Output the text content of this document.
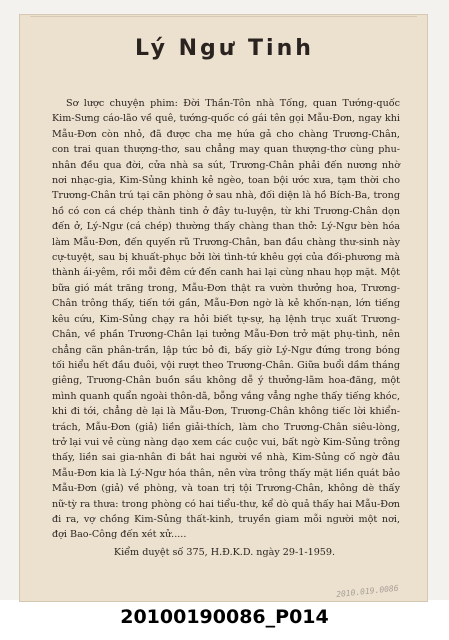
Lý Ngư Tinh
Sơ lược chuyện phim: Đời Thần-Tôn nhà Tống, quan Tướng-quốc Kim-Sưng cáo-lão về quê, tướng-quốc có gái tên gọi Mẫu-Đơn, ngay khi Mẫu-Đơn còn nhỏ, đã được cha mẹ hứa gả cho chàng Trương-Chân, con trai quan thượng-thơ, sau chẳng may quan thượng-thơ cùng phu-nhân đều qua đời, cửa nhà sa sút, Trương-Chân phải đến nương nhờ nơi nhạc-gia, Kim-Sủng khinh kẻ ngèo, toan bội ước xưa, tạm thời cho Trương-Chân trú tại căn phòng ở sau nhà, đối diện là hồ Bích-Ba, trong hồ có con cá chép thành tinh ở đây tu-luyện, từ khi Trương-Chân dọn đến ở, Lý-Ngư (cá chép) thường thấy chàng than thở: Lý-Ngư bèn hóa làm Mẫu-Đơn, đến quyến rũ Trương-Chân, ban đầu chàng thư-sinh này cự-tuyệt, sau bị khuất-phục bởi lời tình-tứ khêu gợi của đối-phương mà thành ái-yêm, rồi mỗi đêm cứ đến canh hai lại cùng nhau họp mặt. Một bữa gió mát trăng trong, Mẫu-Đơn thật ra vườn thưởng hoa, Trương-Chân trông thấy, tiến tới gần, Mẫu-Đơn ngờ là kẻ khốn-nạn, lớn tiếng kêu cứu, Kim-Sủng chạy ra hỏi biết tự-sự, hạ lệnh trục xuất Trương-Chân, về phần Trương-Chân lại tưởng Mẫu-Đơn trở mặt phụ-tình, nên chẳng cãn phân-trần, lập tức bỏ đi, bấy giờ Lý-Ngư đứng trong bóng tối hiểu hết đầu đuôi, vội rượt theo Trương-Chân. Giữa buổi dầm tháng giêng, Trương-Chân buồn sầu không dễ ý thưởng-lãm hoa-đăng, một mình quanh quẩn ngoài thôn-dã, bỗng vắng vẳng nghe thấy tiếng khóc, khi đi tới, chẳng dè lại là Mẫu-Đơn, Trương-Chân không tiếc lời khiển-trách, Mẫu-Đơn (giả) liền giải-thích, làm cho Trương-Chân siêu-lòng, trở lại vui vẻ cùng nàng dạo xem các cuộc vui, bất ngờ Kim-Sủng trông thấy, liền sai gia-nhân đi bắt hai người về nhà, Kim-Sủng cố ngờ đâu Mẫu-Đơn kia là Lý-Ngư hóa thân, nên vừa trông thấy mặt liền quát bảo Mẫu-Đơn (giả) về phòng, và toan trị tội Trương-Chân, không dè thấy nữ-tỳ ra thưa: trong phòng có hai tiểu-thư, kể dò quả thấy hai Mẫu-Đơn đi ra, vợ chồng Kim-Sủng thất-kinh, truyền giam mỗi người một nơi, đợi Bao-Công đến xét xử.....
Kiểm duyệt số 375, H.Đ.K.D. ngày 29-1-1959.
2010.019.0086
20100190086_P014
